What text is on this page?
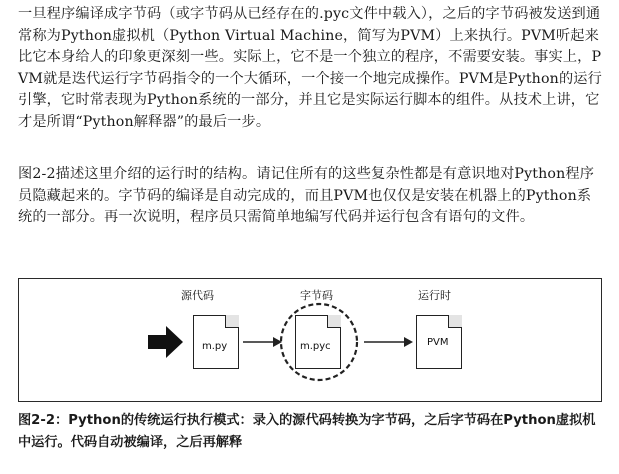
一旦程序编译成字节码（或字节码从已经存在的.pyc文件中载入），之后的字节码被发送到通常称为Python虚拟机（Python Virtual Machine，简写为PVM）上来执行。PVM听起来比它本身给人的印象更深刻一些。实际上，它不是一个独立的程序，不需要安装。事实上，PVM就是迭代运行字节码指令的一个大循环，一个接一个地完成操作。PVM是Python的运行引擎，它时常表现为Python系统的一部分，并且它是实际运行脚本的组件。从技术上讲，它才是所谓“Python解释器”的最后一步。

图2-2描述这里介绍的运行时的结构。请记住所有的这些复杂性都是有意识地对Python程序员隐藏起来的。字节码的编译是自动完成的，而且PVM也仅仅是安装在机器上的Python系统的一部分。再一次说明，程序员只需简单地编写代码并运行包含有语句的文件。

源代码	字节码	运行时
m.py	m.pyc	PVM

图2-2：Python的传统运行执行模式：录入的源代码转换为字节码，之后字节码在Python虚拟机中运行。代码自动被编译，之后再解释
